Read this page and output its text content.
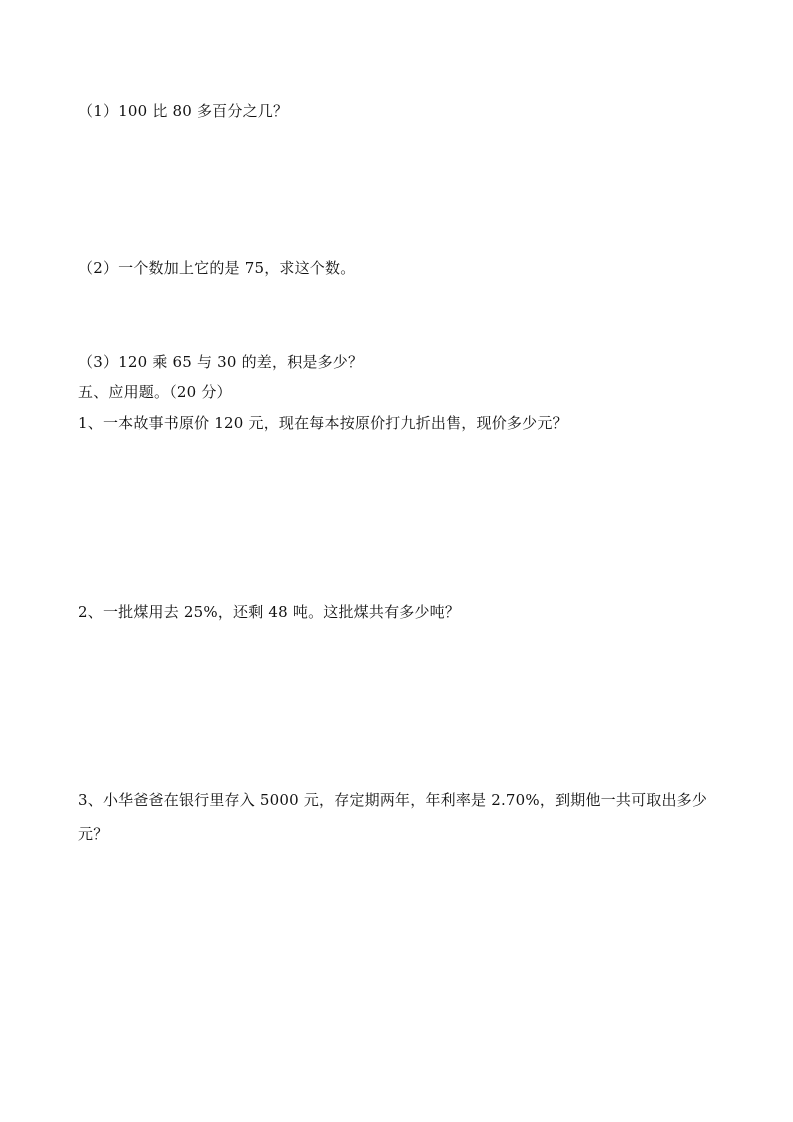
（1）100 比 80 多百分之几？

（2）一个数加上它的是 75，求这个数。

（3）120 乘 65 与 30 的差，积是多少？

五、应用题。（20 分）

1、一本故事书原价 120 元，现在每本按原价打九折出售，现价多少元？

2、一批煤用去 25%，还剩 48 吨。这批煤共有多少吨？

3、小华爸爸在银行里存入 5000 元，存定期两年，年利率是 2.70%，到期他一共可取出多少元？
